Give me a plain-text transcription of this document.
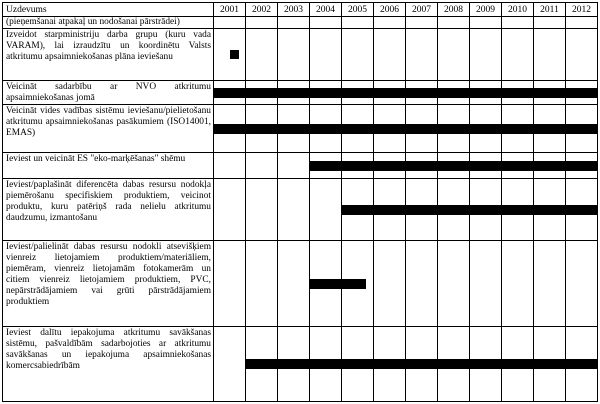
Uzdevums	2001	2002	2003	2004	2005	2006	2007	2008	2009	2010	2011	2012
(pieņemšanai atpakaļ un nodošanai pārstrādei)												
Izveidot starpministriju darba grupu (kuru vada VARAM), lai izraudzītu un koordinētu Valsts atkritumu apsaimniekošanas plāna ieviešanu												
Veicināt sadarbību ar NVO atkritumu apsaimniekošanas jomā												
Veicināt vides vadības sistēmu ieviešanu/pielietošanu atkritumu apsaimniekošanas pasākumiem (ISO14001, EMAS)												
Ieviest un veicināt ES "eko-marķēšanas" shēmu												
Ieviest/paplašināt diferencēta dabas resursu nodokļa piemērošanu specifiskiem produktiem, veicinot produktu, kuru patēriņš rada nelielu atkritumu daudzumu, izmantošanu												
Ieviest/palielināt dabas resursu nodokli atsevišķiem vienreiz lietojamiem produktiem/materiāliem, piemēram, vienreiz lietojamām fotokamerām un citiem vienreiz lietojamiem produktiem, PVC, nepārstrādājamiem vai grūti pārstrādājamiem produktiem												
Ieviest dalītu iepakojuma atkritumu savākšanas sistēmu, pašvaldībām sadarbojoties ar atkritumu savākšanas un iepakojuma apsaimniekošanas komercsabiedrībām												
